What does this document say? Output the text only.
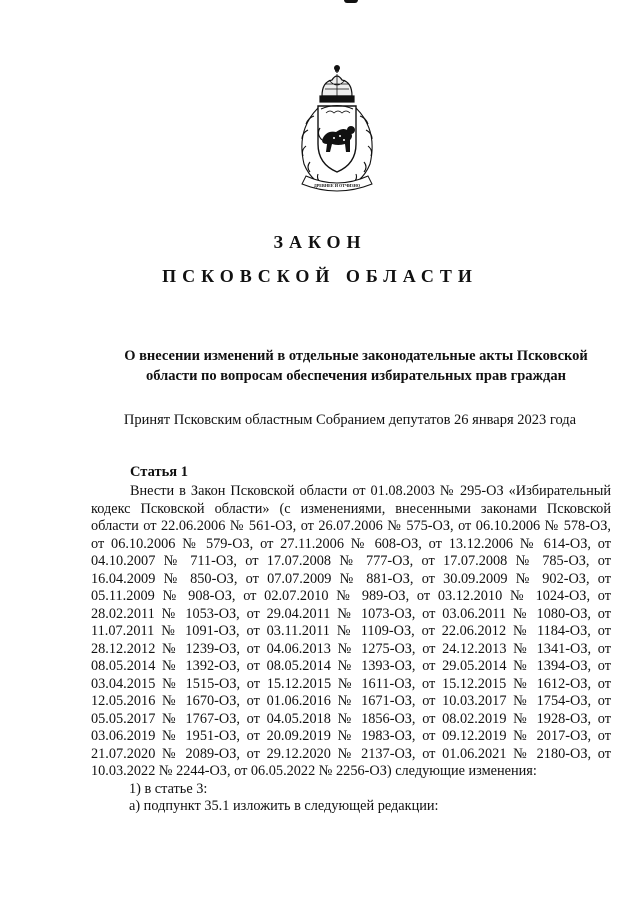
ДРЕВНЕЕ И ОТЧИЗНО
ЗАКОН
ПСКОВСКОЙ ОБЛАСТИ
О внесении изменений в отдельные законодательные акты Псковской области по вопросам обеспечения избирательных прав граждан
Принят Псковским областным Собранием депутатов 26 января 2023 года
Статья 1

Внести в Закон Псковской области от 01.08.2003 № 295-ОЗ «Избирательный кодекс Псковской области» (с изменениями, внесенными законами Псковской области от 22.06.2006 № 561-ОЗ, от 26.07.2006 № 575-ОЗ, от 06.10.2006 № 578-ОЗ, от 06.10.2006 № 579-ОЗ, от 27.11.2006 № 608-ОЗ, от 13.12.2006 № 614-ОЗ, от 04.10.2007 № 711-ОЗ, от 17.07.2008 № 777-ОЗ, от 17.07.2008 № 785-ОЗ, от 16.04.2009 № 850-ОЗ, от 07.07.2009 № 881-ОЗ, от 30.09.2009 № 902-ОЗ, от 05.11.2009 № 908-ОЗ, от 02.07.2010 № 989-ОЗ, от 03.12.2010 № 1024-ОЗ, от 28.02.2011 № 1053-ОЗ, от 29.04.2011 № 1073-ОЗ, от 03.06.2011 № 1080-ОЗ, от 11.07.2011 № 1091-ОЗ, от 03.11.2011 № 1109-ОЗ, от 22.06.2012 № 1184-ОЗ, от 28.12.2012 № 1239-ОЗ, от 04.06.2013 № 1275-ОЗ, от 24.12.2013 № 1341-ОЗ, от 08.05.2014 № 1392-ОЗ, от 08.05.2014 № 1393-ОЗ, от 29.05.2014 № 1394-ОЗ, от 03.04.2015 № 1515-ОЗ, от 15.12.2015 № 1611-ОЗ, от 15.12.2015 № 1612-ОЗ, от 12.05.2016 № 1670-ОЗ, от 01.06.2016 № 1671-ОЗ, от 10.03.2017 № 1754-ОЗ, от 05.05.2017 № 1767-ОЗ, от 04.05.2018 № 1856-ОЗ, от 08.02.2019 № 1928-ОЗ, от 03.06.2019 № 1951-ОЗ, от 20.09.2019 № 1983-ОЗ, от 09.12.2019 № 2017-ОЗ, от 21.07.2020 № 2089-ОЗ, от 29.12.2020 № 2137-ОЗ, от 01.06.2021 № 2180-ОЗ, от 10.03.2022 № 2244-ОЗ, от 06.05.2022 № 2256-ОЗ) следующие изменения:

1) в статье 3:

а) подпункт 35.1 изложить в следующей редакции:
